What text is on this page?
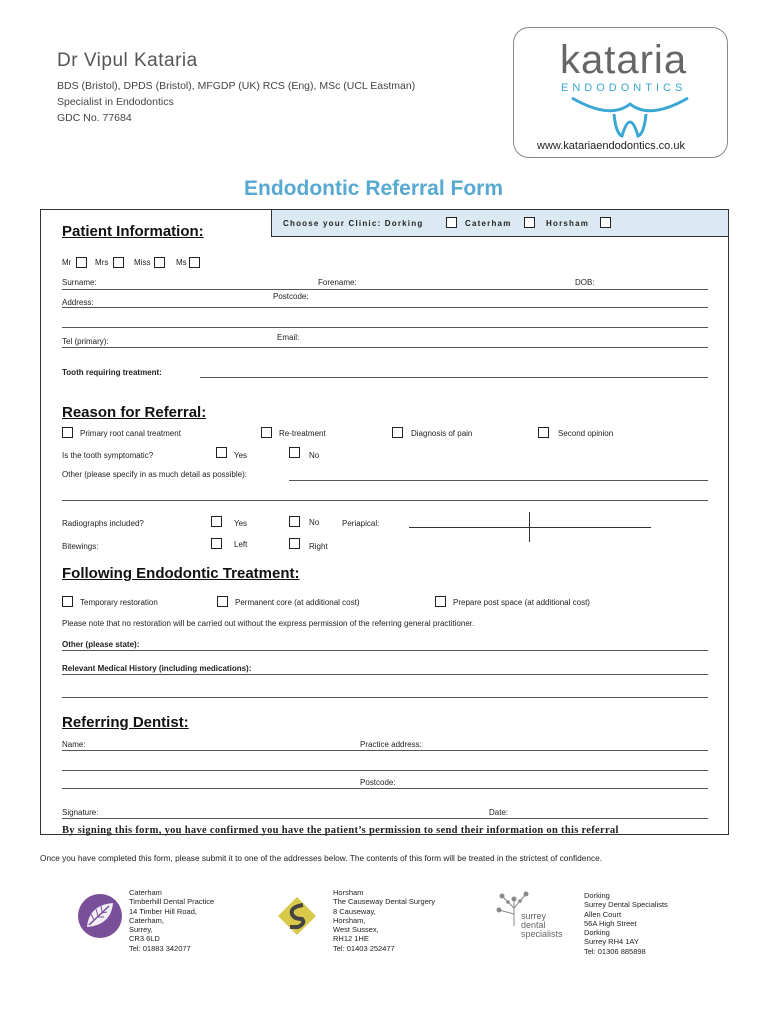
Dr Vipul Kataria
BDS (Bristol), DPDS (Bristol), MFGDP (UK) RCS (Eng), MSc (UCL Eastman)
Specialist in Endodontics
GDC No. 77684
kataria
ENDODONTICS
www.katariaendodontics.co.uk
Endodontic Referral Form
Choose your Clinic: Dorking	Caterham	Horsham
Patient Information:
Mr	Mrs	Miss	Ms
Surname:	Forename:	DOB:
Postcode:
Address:
Email:
Tel (primary):
Tooth requiring treatment:
Reason for Referral:
Primary root canal treatment	Re-treatment	Diagnosis of pain	Second opinion
Is the tooth symptomatic?	Yes	No
Other (please specify in as much detail as possible):
Radiographs included?	Yes	No	Periapical:
Bitewings:	Left	Right
Following Endodontic Treatment:
Temporary restoration	Permanent core (at additional cost)	Prepare post space (at additional cost)
Please note that no restoration will be carried out without the express permission of the referring general practitioner.
Other (please state):
Relevant Medical History (including medications):
Referring Dentist:
Name:	Practice address:
Postcode:
Signature:	Date:
By signing this form, you have confirmed you have the patient’s permission to send their information on this referral
Once you have completed this form, please submit it to one of the addresses below. The contents of this form will be treated in the strictest of confidence.
Caterham
Timberhill Dental Practice
14 Timber Hill Road,
Caterham,
Surrey,
CR3 6LD
Tel: 01883 342077
Horsham
The Causeway Dental Surgery
8 Causeway,
Horsham,
West Sussex,
RH12 1HE
Tel: 01403 252477
surrey
dental
specialists
Dorking
Surrey Dental Specialists
Allen Court
56A High Street
Dorking
Surrey RH4 1AY
Tel: 01306 885898
